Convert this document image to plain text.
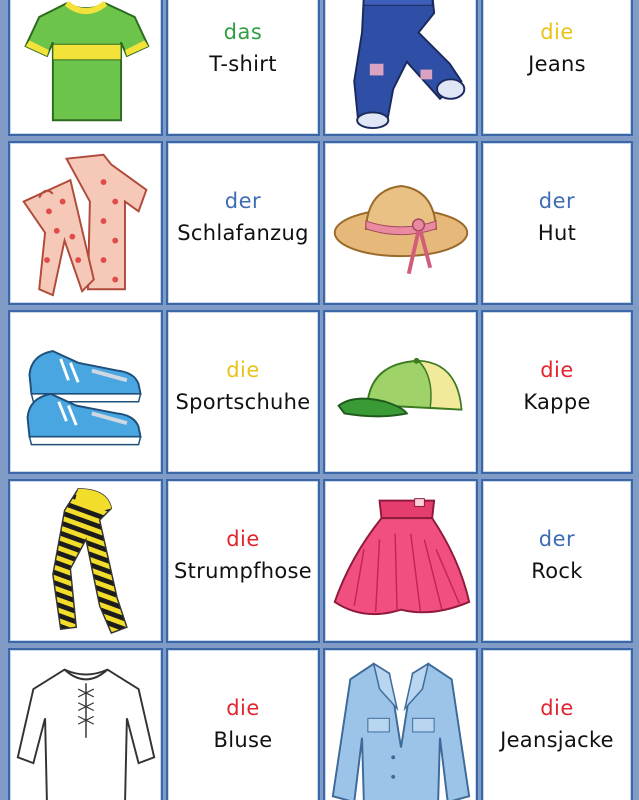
das
T-shirt
die
Jeans
der
Schlafanzug
der
Hut
die
Sportschuhe
die
Kappe
die
Strumpfhose
der
Rock
die
Bluse
die
Jeansjacke
